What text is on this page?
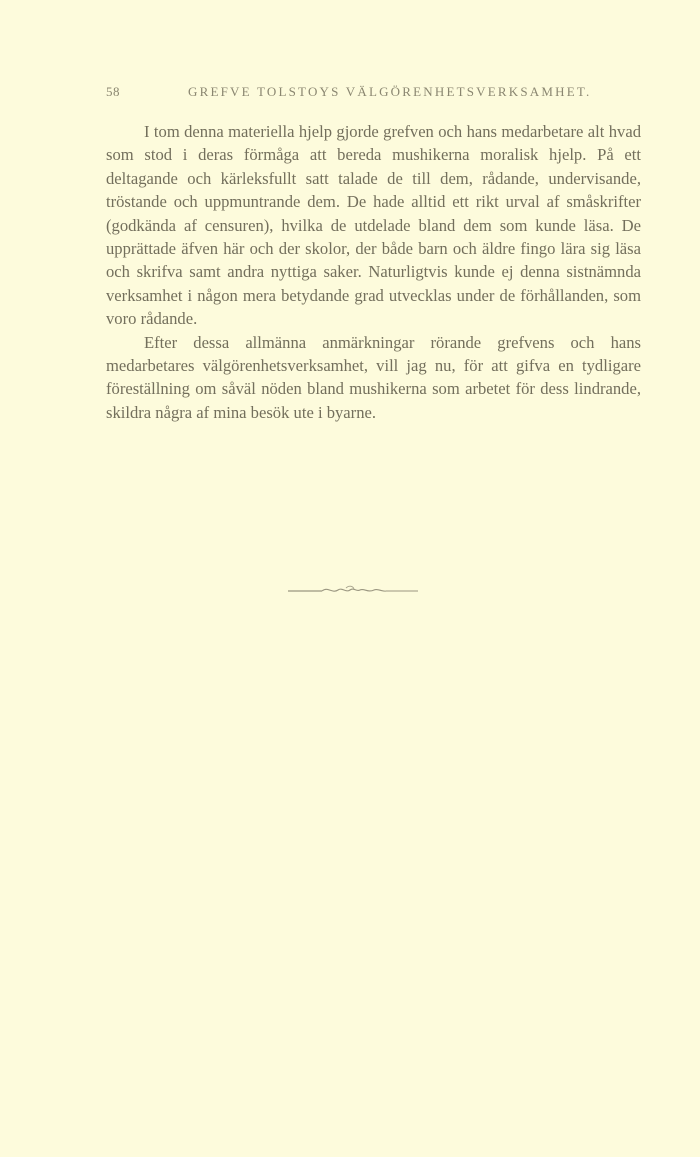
58	GREFVE TOLSTOYS VÄLGÖRENHETSVERKSAMHET.

I tom denna materiella hjelp gjorde grefven och hans medarbetare alt hvad som stod i deras förmåga att bereda mushikerna moralisk hjelp. På ett deltagande och kärleksfullt satt talade de till dem, rådande, undervisande, tröstande och uppmuntrande dem. De hade alltid ett rikt urval af småskrifter (godkända af censuren), hvilka de utdelade bland dem som kunde läsa. De upprättade äfven här och der skolor, der både barn och äldre fingo lära sig läsa och skrifva samt andra nyttiga saker. Naturligtvis kunde ej denna sistnämnda verksamhet i någon mera betydande grad utvecklas under de förhållanden, som voro rådande.

Efter dessa allmänna anmärkningar rörande grefvens och hans medarbetares välgörenhetsverksamhet, vill jag nu, för att gifva en tydligare föreställning om såväl nöden bland mushikerna som arbetet för dess lindrande, skildra några af mina besök ute i byarne.
